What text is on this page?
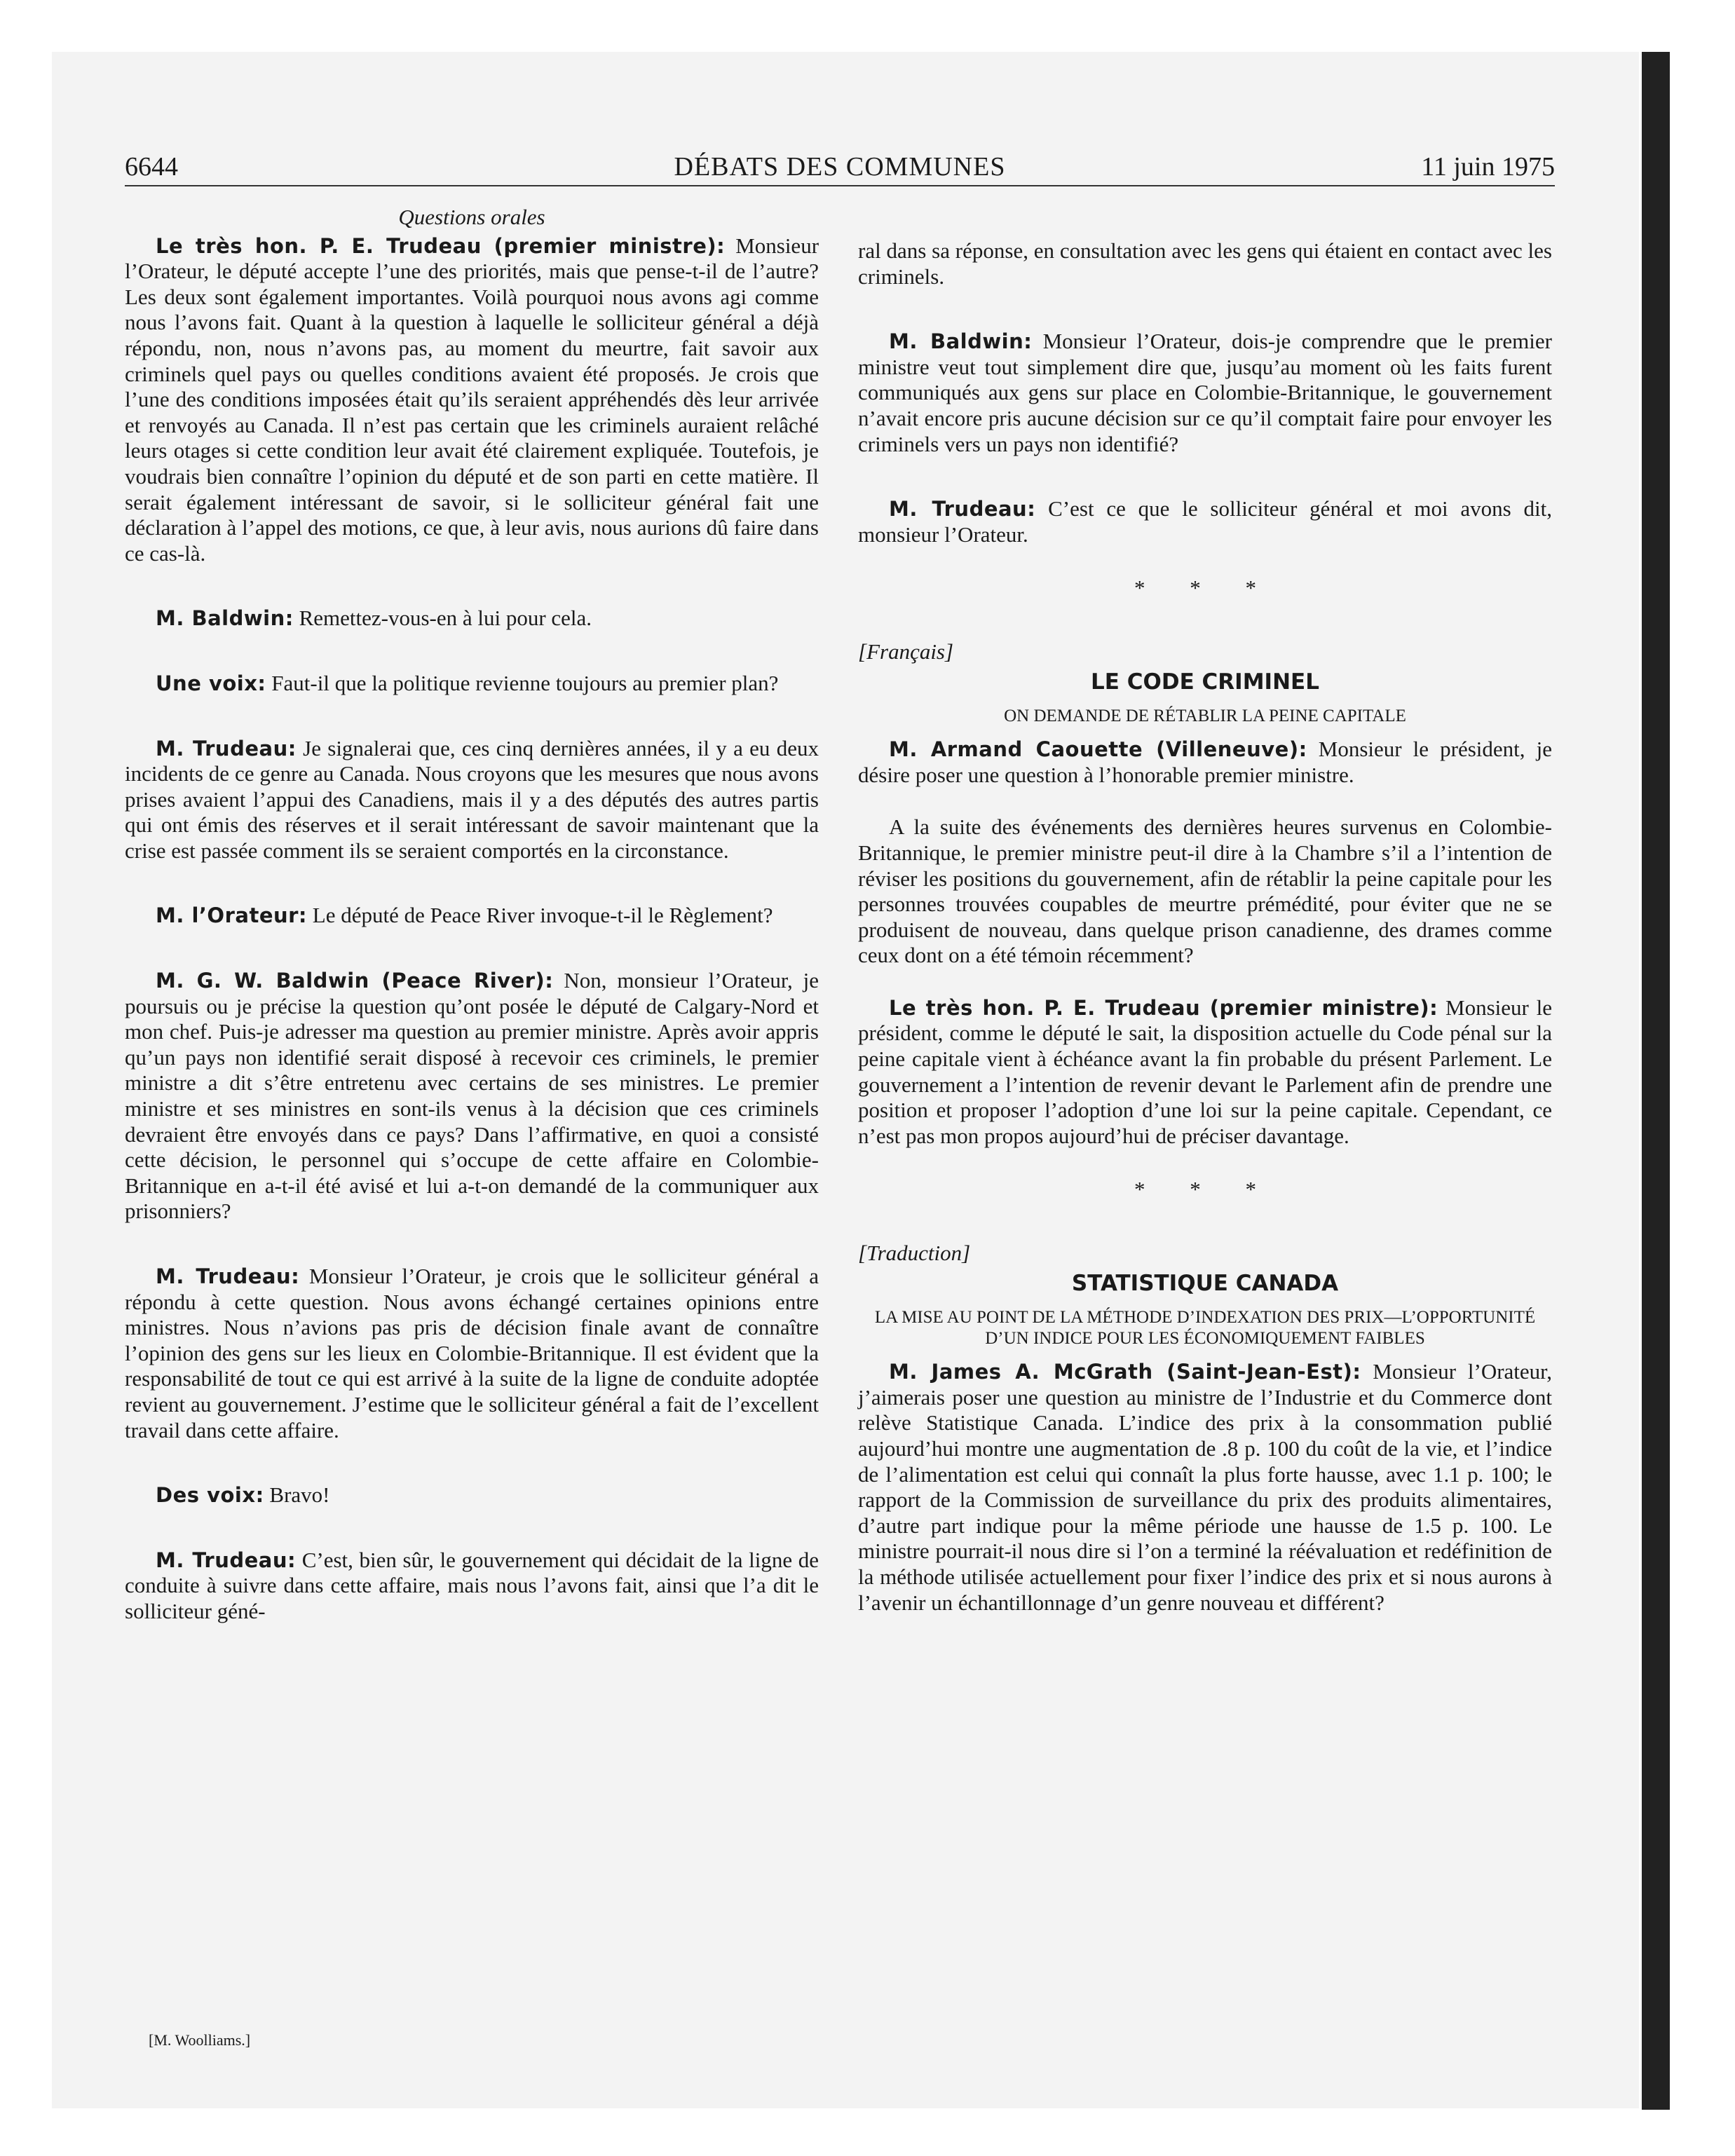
6644	DÉBATS DES COMMUNES	11 juin 1975
Questions orales

Le très hon. P. E. Trudeau (premier ministre): Monsieur l’Orateur, le député accepte l’une des priorités, mais que pense-t-il de l’autre? Les deux sont également importantes. Voilà pourquoi nous avons agi comme nous l’avons fait. Quant à la question à laquelle le solliciteur général a déjà répondu, non, nous n’avons pas, au moment du meurtre, fait savoir aux criminels quel pays ou quelles conditions avaient été proposés. Je crois que l’une des conditions imposées était qu’ils seraient appréhendés dès leur arrivée et renvoyés au Canada. Il n’est pas certain que les criminels auraient relâché leurs otages si cette condition leur avait été clairement expliquée. Toutefois, je voudrais bien connaître l’opinion du député et de son parti en cette matière. Il serait également intéressant de savoir, si le solliciteur général fait une déclaration à l’appel des motions, ce que, à leur avis, nous aurions dû faire dans ce cas-là.

M. Baldwin: Remettez-vous-en à lui pour cela.

Une voix: Faut-il que la politique revienne toujours au premier plan?

M. Trudeau: Je signalerai que, ces cinq dernières années, il y a eu deux incidents de ce genre au Canada. Nous croyons que les mesures que nous avons prises avaient l’appui des Canadiens, mais il y a des députés des autres partis qui ont émis des réserves et il serait intéressant de savoir maintenant que la crise est passée comment ils se seraient comportés en la circonstance.

M. l’Orateur: Le député de Peace River invoque-t-il le Règlement?

M. G. W. Baldwin (Peace River): Non, monsieur l’Orateur, je poursuis ou je précise la question qu’ont posée le député de Calgary-Nord et mon chef. Puis-je adresser ma question au premier ministre. Après avoir appris qu’un pays non identifié serait disposé à recevoir ces criminels, le premier ministre a dit s’être entretenu avec certains de ses ministres. Le premier ministre et ses ministres en sont-ils venus à la décision que ces criminels devraient être envoyés dans ce pays? Dans l’affirmative, en quoi a consisté cette décision, le personnel qui s’occupe de cette affaire en Colombie-Britannique en a-t-il été avisé et lui a-t-on demandé de la communiquer aux prisonniers?

M. Trudeau: Monsieur l’Orateur, je crois que le solliciteur général a répondu à cette question. Nous avons échangé certaines opinions entre ministres. Nous n’avions pas pris de décision finale avant de connaître l’opinion des gens sur les lieux en Colombie-Britannique. Il est évident que la responsabilité de tout ce qui est arrivé à la suite de la ligne de conduite adoptée revient au gouvernement. J’estime que le solliciteur général a fait de l’excellent travail dans cette affaire.

Des voix: Bravo!

M. Trudeau: C’est, bien sûr, le gouvernement qui décidait de la ligne de conduite à suivre dans cette affaire, mais nous l’avons fait, ainsi que l’a dit le solliciteur géné-

[M. Woolliams.]

ral dans sa réponse, en consultation avec les gens qui étaient en contact avec les criminels.

M. Baldwin: Monsieur l’Orateur, dois-je comprendre que le premier ministre veut tout simplement dire que, jusqu’au moment où les faits furent communiqués aux gens sur place en Colombie-Britannique, le gouvernement n’avait encore pris aucune décision sur ce qu’il comptait faire pour envoyer les criminels vers un pays non identifié?

M. Trudeau: C’est ce que le solliciteur général et moi avons dit, monsieur l’Orateur.

* * *
[Français]
LE CODE CRIMINEL
ON DEMANDE DE RÉTABLIR LA PEINE CAPITALE

M. Armand Caouette (Villeneuve): Monsieur le président, je désire poser une question à l’honorable premier ministre.

A la suite des événements des dernières heures survenus en Colombie-Britannique, le premier ministre peut-il dire à la Chambre s’il a l’intention de réviser les positions du gouvernement, afin de rétablir la peine capitale pour les personnes trouvées coupables de meurtre prémédité, pour éviter que ne se produisent de nouveau, dans quelque prison canadienne, des drames comme ceux dont on a été témoin récemment?

Le très hon. P. E. Trudeau (premier ministre): Monsieur le président, comme le député le sait, la disposition actuelle du Code pénal sur la peine capitale vient à échéance avant la fin probable du présent Parlement. Le gouvernement a l’intention de revenir devant le Parlement afin de prendre une position et proposer l’adoption d’une loi sur la peine capitale. Cependant, ce n’est pas mon propos aujourd’hui de préciser davantage.

* * *
[Traduction]
STATISTIQUE CANADA
LA MISE AU POINT DE LA MÉTHODE D’INDEXATION DES PRIX—L’OPPORTUNITÉ D’UN INDICE POUR LES ÉCONOMIQUEMENT FAIBLES

M. James A. McGrath (Saint-Jean-Est): Monsieur l’Orateur, j’aimerais poser une question au ministre de l’Industrie et du Commerce dont relève Statistique Canada. L’indice des prix à la consommation publié aujourd’hui montre une augmentation de .8 p. 100 du coût de la vie, et l’indice de l’alimentation est celui qui connaît la plus forte hausse, avec 1.1 p. 100; le rapport de la Commission de surveillance du prix des produits alimentaires, d’autre part indique pour la même période une hausse de 1.5 p. 100. Le ministre pourrait-il nous dire si l’on a terminé la réévaluation et redéfinition de la méthode utilisée actuellement pour fixer l’indice des prix et si nous aurons à l’avenir un échantillonnage d’un genre nouveau et différent?
